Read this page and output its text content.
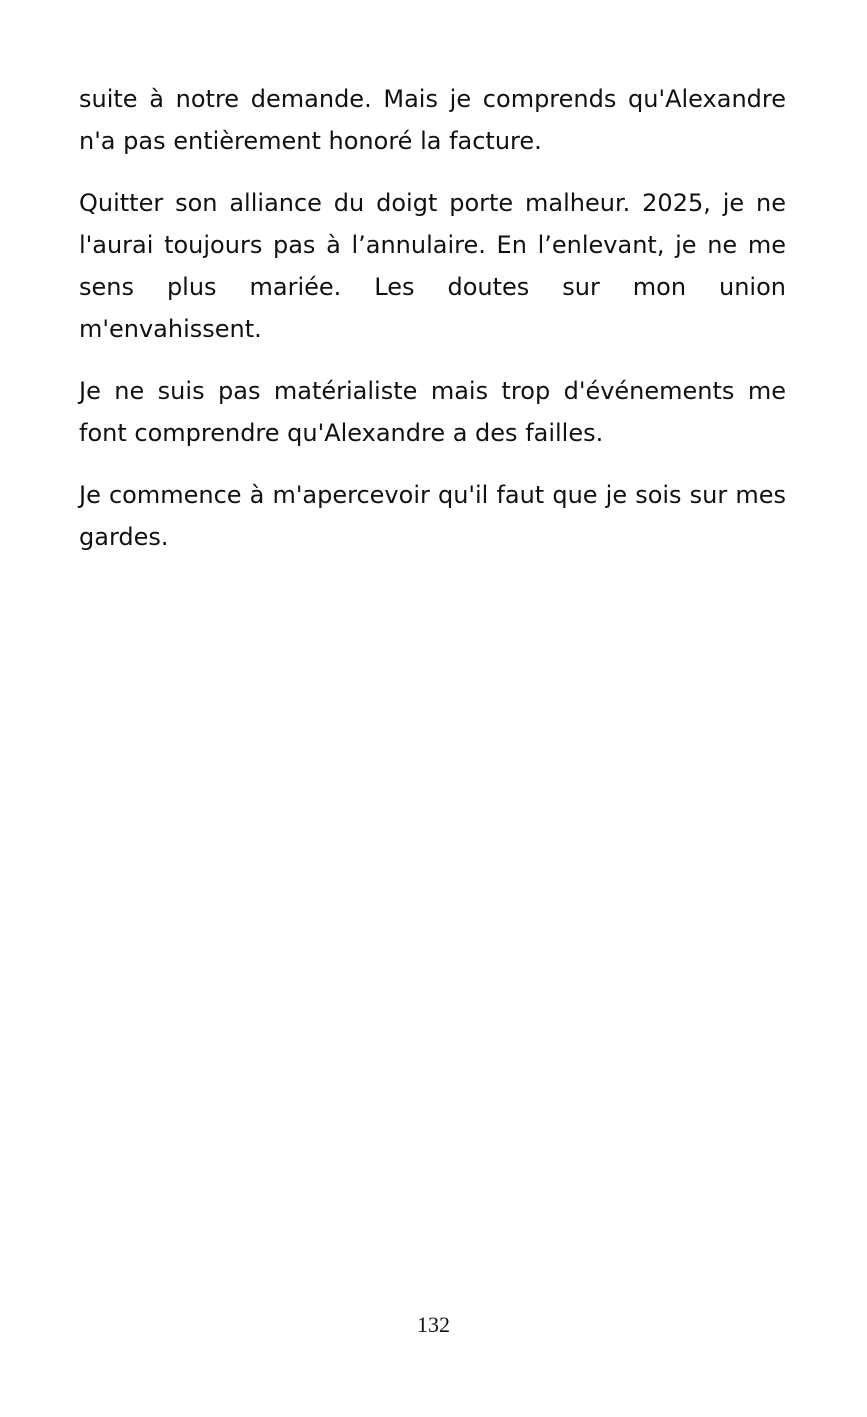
suite à notre demande. Mais je comprends qu'Alexandre n'a pas entièrement honoré la facture.

Quitter son alliance du doigt porte malheur. 2025, je ne l'aurai toujours pas à l’annulaire. En l’enlevant, je ne me sens plus mariée. Les doutes sur mon union m'envahissent.

Je ne suis pas matérialiste mais trop d'événements me font comprendre qu'Alexandre a des failles.

Je commence à m'apercevoir qu'il faut que je sois sur mes gardes.

132
